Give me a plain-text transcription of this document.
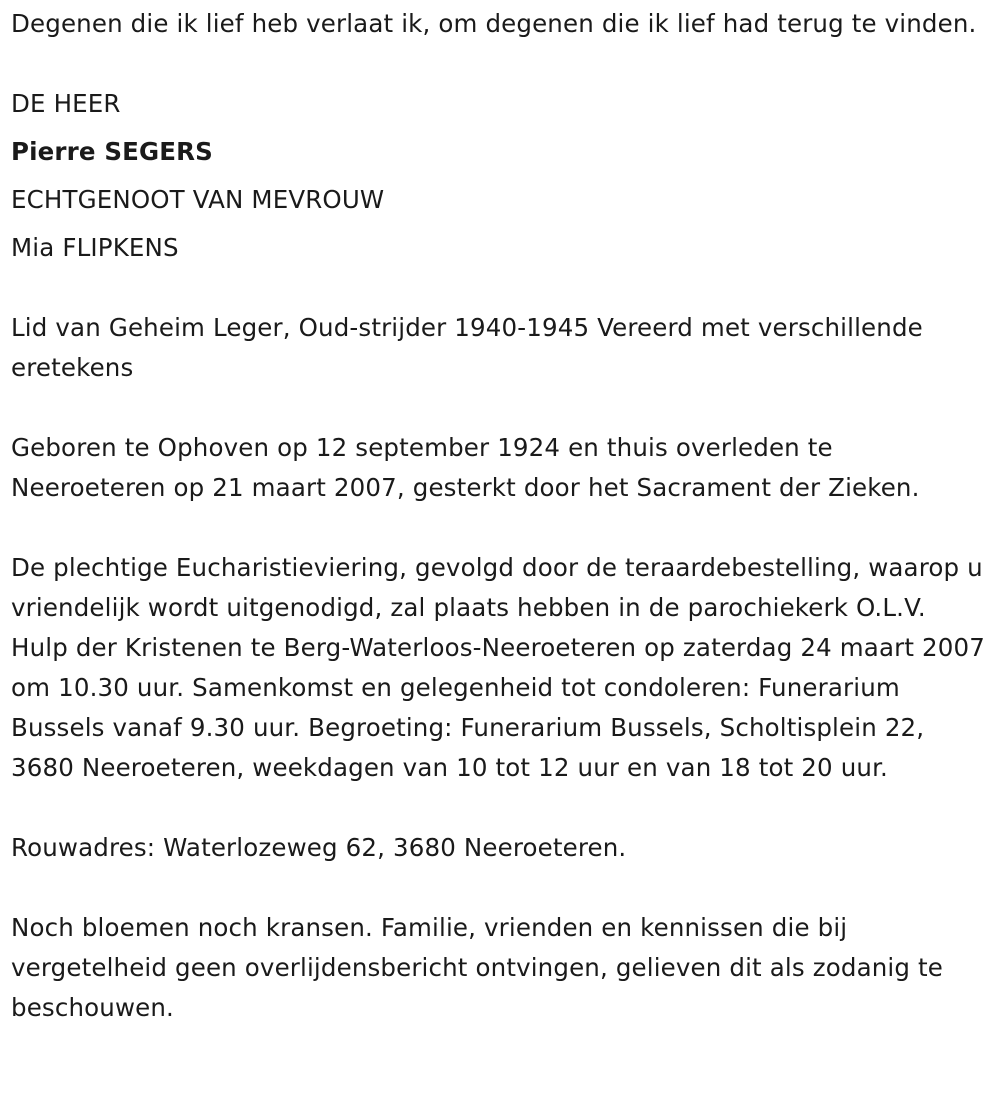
Degenen die ik lief heb verlaat ik, om degenen die ik lief had terug te vinden.

DE HEER
Pierre SEGERS
ECHTGENOOT VAN MEVROUW
Mia FLIPKENS

Lid van Geheim Leger, Oud-strijder 1940-1945 Vereerd met verschillende eretekens

Geboren te Ophoven op 12 september 1924 en thuis overleden te Neeroeteren op 21 maart 2007, gesterkt door het Sacrament der Zieken.

De plechtige Eucharistieviering, gevolgd door de teraardebestelling, waarop u vriendelijk wordt uitgenodigd, zal plaats hebben in de parochiekerk O.L.V. Hulp der Kristenen te Berg-Waterloos-Neeroeteren op zaterdag 24 maart 2007 om 10.30 uur. Samenkomst en gelegenheid tot condoleren: Funerarium Bussels vanaf 9.30 uur. Begroeting: Funerarium Bussels, Scholtisplein 22, 3680 Neeroeteren, weekdagen van 10 tot 12 uur en van 18 tot 20 uur.

Rouwadres: Waterlozeweg 62, 3680 Neeroeteren.

Noch bloemen noch kransen. Familie, vrienden en kennissen die bij vergetelheid geen overlijdensbericht ontvingen, gelieven dit als zodanig te beschouwen.
